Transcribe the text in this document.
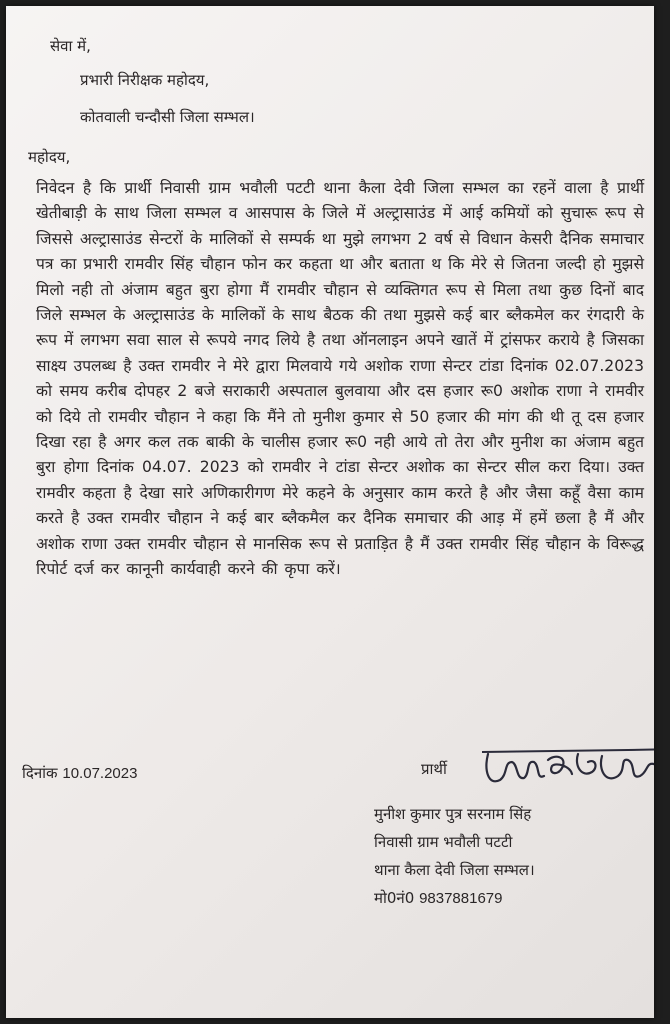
सेवा में,
प्रभारी निरीक्षक महोदय,
कोतवाली चन्दौसी जिला सम्भल।
महोदय,
निवेदन है कि प्रार्थी निवासी ग्राम भवौली पटटी थाना कैला देवी जिला सम्भल का रहनें वाला है प्रार्थी खेतीबाड़ी के साथ जिला सम्भल व आसपास के जिले में अल्ट्रासाउंड में आई कमियों को सुचारू रूप से जिससे अल्ट्रासाउंड सेन्टरों के मालिकों से सम्पर्क था मुझे लगभग 2 वर्ष से विधान केसरी दैनिक समाचार पत्र का प्रभारी रामवीर सिंह चौहान फोन कर कहता था और बताता थ कि मेरे से जितना जल्दी हो मुझसे मिलो नही तो अंजाम बहुत बुरा होगा मैं रामवीर चौहान से व्यक्तिगत रूप से मिला तथा कुछ दिनों बाद जिले सम्भल के अल्ट्रासाउंड के मालिकों के साथ बैठक की तथा मुझसे कई बार ब्लैकमेल कर रंगदारी के रूप में लगभग सवा साल से रूपये नगद लिये है तथा ऑनलाइन अपने खातें में ट्रांसफर कराये है जिसका साक्ष्य उपलब्ध है उक्त रामवीर ने मेरे द्वारा मिलवाये गये अशोक राणा सेन्टर टांडा दिनांक 02.07.2023 को समय करीब दोपहर 2 बजे सराकारी अस्पताल बुलवाया और दस हजार रू0 अशोक राणा ने रामवीर को दिये तो रामवीर चौहान ने कहा कि मैंने तो मुनीश कुमार से 50 हजार की मांग की थी तू दस हजार दिखा रहा है अगर कल तक बाकी के चालीस हजार रू0 नही आये तो तेरा और मुनीश का अंजाम बहुत बुरा होगा दिनांक 04.07. 2023 को रामवीर ने टांडा सेन्टर अशोक का सेन्टर सील करा दिया। उक्त रामवीर कहता है देखा सारे अणिकारीगण मेरे कहने के अनुसार काम करते है और जैसा कहूँ वैसा काम करते है उक्त रामवीर चौहान ने कई बार ब्लैकमैल कर दैनिक समाचार की आड़ में हमें छला है मैं और अशोक राणा उक्त रामवीर चौहान से मानसिक रूप से प्रताड़ित है मैं उक्त रामवीर सिंह चौहान के विरूद्ध रिपोर्ट दर्ज कर कानूनी कार्यवाही करने की कृपा करें।
दिनांक 10.07.2023	प्रार्थी
मुनीश कुमार पुत्र सरनाम सिंह
निवासी ग्राम भवौली पटटी
थाना कैला देवी जिला सम्भल।
मो0नं0 9837881679
